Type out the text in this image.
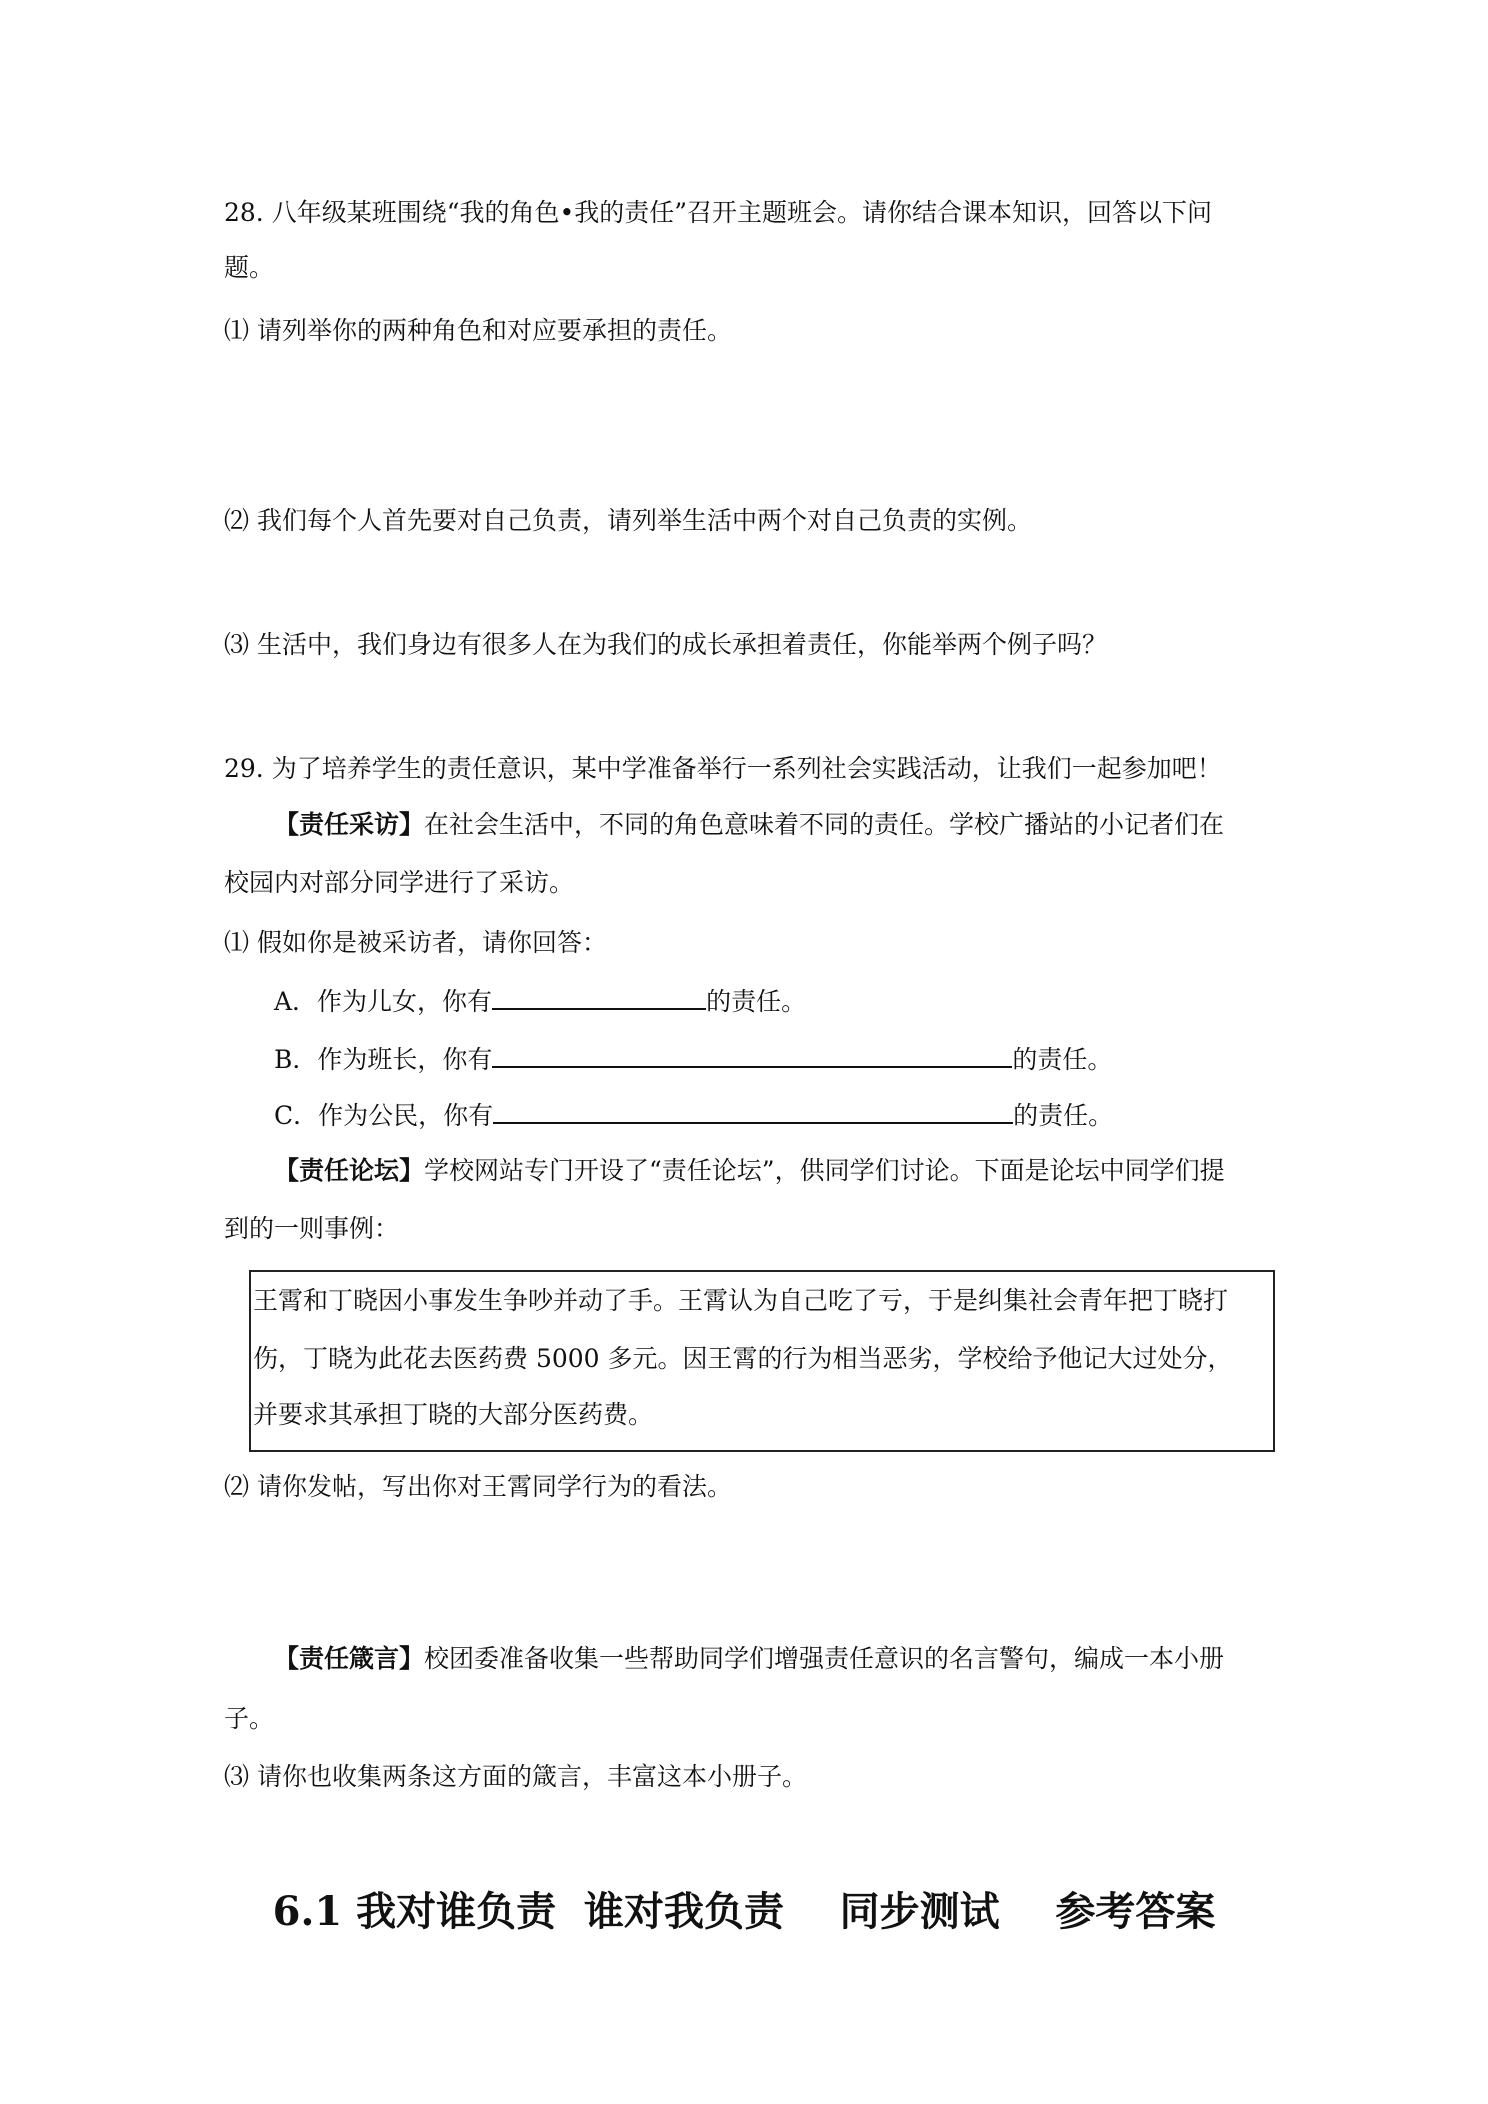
28. 八年级某班围绕“我的角色•我的责任”召开主题班会。请你结合课本知识，回答以下问
题。
⑴ 请列举你的两种角色和对应要承担的责任。
⑵ 我们每个人首先要对自己负责，请列举生活中两个对自己负责的实例。
⑶ 生活中，我们身边有很多人在为我们的成长承担着责任，你能举两个例子吗？
29. 为了培养学生的责任意识，某中学准备举行一系列社会实践活动，让我们一起参加吧！
【责任采访】在社会生活中，不同的角色意味着不同的责任。学校广播站的小记者们在
校园内对部分同学进行了采访。
⑴ 假如你是被采访者，请你回答：
A．作为儿女，你有	的责任。
B．作为班长，你有	的责任。
C．作为公民，你有	的责任。
【责任论坛】学校网站专门开设了“责任论坛”，供同学们讨论。下面是论坛中同学们提
到的一则事例：
王霄和丁晓因小事发生争吵并动了手。王霄认为自己吃了亏，于是纠集社会青年把丁晓打
伤，丁晓为此花去医药费 5000 多元。因王霄的行为相当恶劣，学校给予他记大过处分，
并要求其承担丁晓的大部分医药费。
⑵ 请你发帖，写出你对王霄同学行为的看法。
【责任箴言】校团委准备收集一些帮助同学们增强责任意识的名言警句，编成一本小册
子。
⑶ 请你也收集两条这方面的箴言，丰富这本小册子。
6.1 我对谁负责  谁对我负责    同步测试    参考答案
